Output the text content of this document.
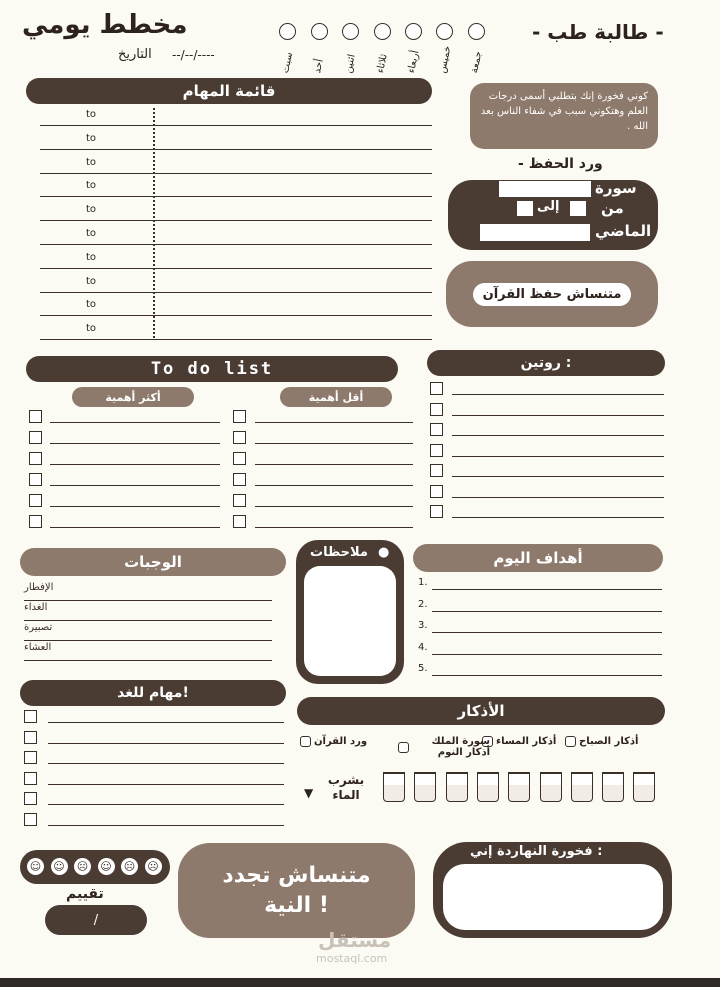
مخطط يومي
--/--/----
التاريخ	سبت أحد اثنين ثلاثاء أربعاء خميس جمعة
- طالبة طب -
قائمة المهام
to
to
to
to
to
to
to
to
to
to
كوني فخورة إنك بتطلبي أسمى درجات العلم وهتكوني سبب في شفاء الناس بعد الله .
- ورد الحفظ
سورة
إلى	من
الماضي
متنساش حفظ القرآن
To do list
أكثر أهمية	أقل أهمية
روتين :
الوجبات
الإفطار
الغداء
تصبيرة
العشاء
ملاحظات ●	أهداف اليوم
1.
2.
3.
4.
5.
مهام للغد!
الأذكار
أذكار الصباح
أذكار المساء
سورة الملك أذكار النوم
ورد القرآن
بشرب الماء
▼
☺ ☺ ☹ ☺ ☹ ☹
تقييم
/
متنساش تجدد النية !
فخورة النهاردة إني :
مستقل
mostaql.com
